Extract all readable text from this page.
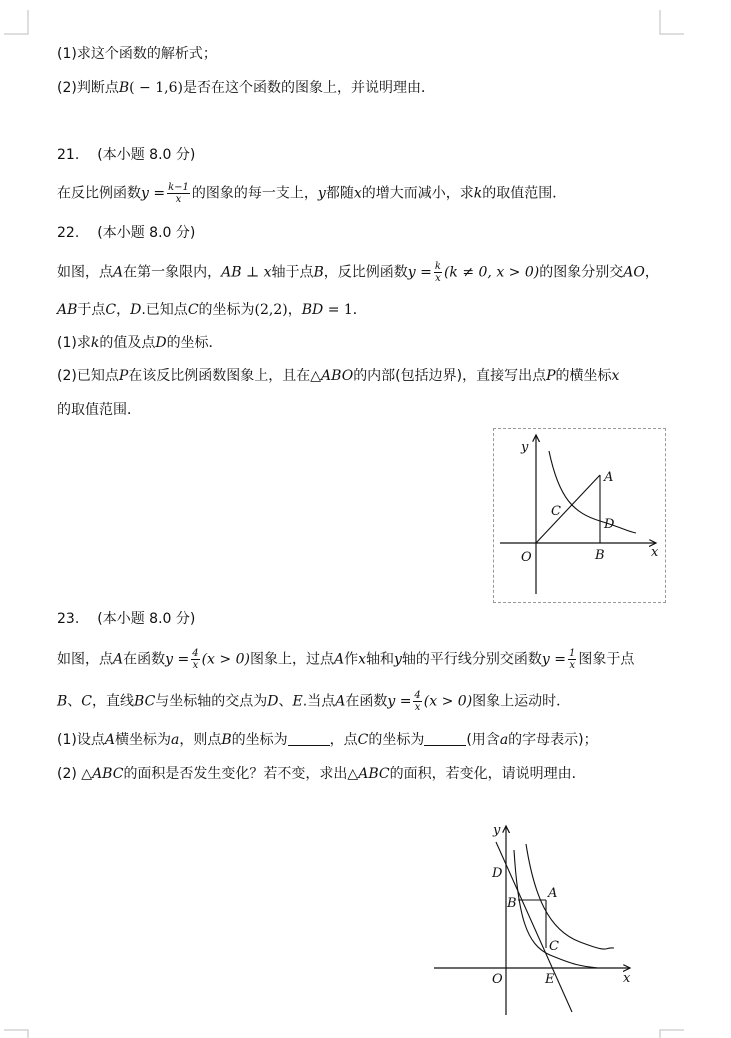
(1)求这个函数的解析式；
(2)判断点B( − 1,6)是否在这个函数的图象上，并说明理由．
21. (本小题 8.0 分)
在反比例函数$y = \frac{k-1}{x}$ 的图象的每一支上，y都随x的增大而减小，求k的取值范围．
22. (本小题 8.0 分)
如图，点A在第一象限内，AB ⊥ x轴于点B，反比例函数$y = \frac{k}{x} (k \ne 0$, x > 0)的图象分别交AO，
AB于点C，D.已知点C的坐标为(2,2)，BD = 1．
(1)求k的值及点D的坐标．
(2)已知点P在该反比例函数图象上，且在△ABO的内部(包括边界)，直接写出点P的横坐标x
的取值范围．
y
A
C
D
O	B	x
23. (本小题 8.0 分)
如图，点A在函数$y = \frac{4}{x} (x > 0)$图象上，过点A作x轴和y轴的平行线分别交函数$y = \frac{1}{x}$ 图象于点
B、C，直线BC与坐标轴的交点为D、E.当点A在函数$y = \frac{4}{x} (x > 0)$图象上运动时．
(1)设点A横坐标为a，则点B的坐标为	，点C的坐标为	(用含a的字母表示)；
(2) △ABC的面积是否发生变化？若不变，求出△ABC的面积，若变化，请说明理由．
y
D
A
B
C
O	E	x
